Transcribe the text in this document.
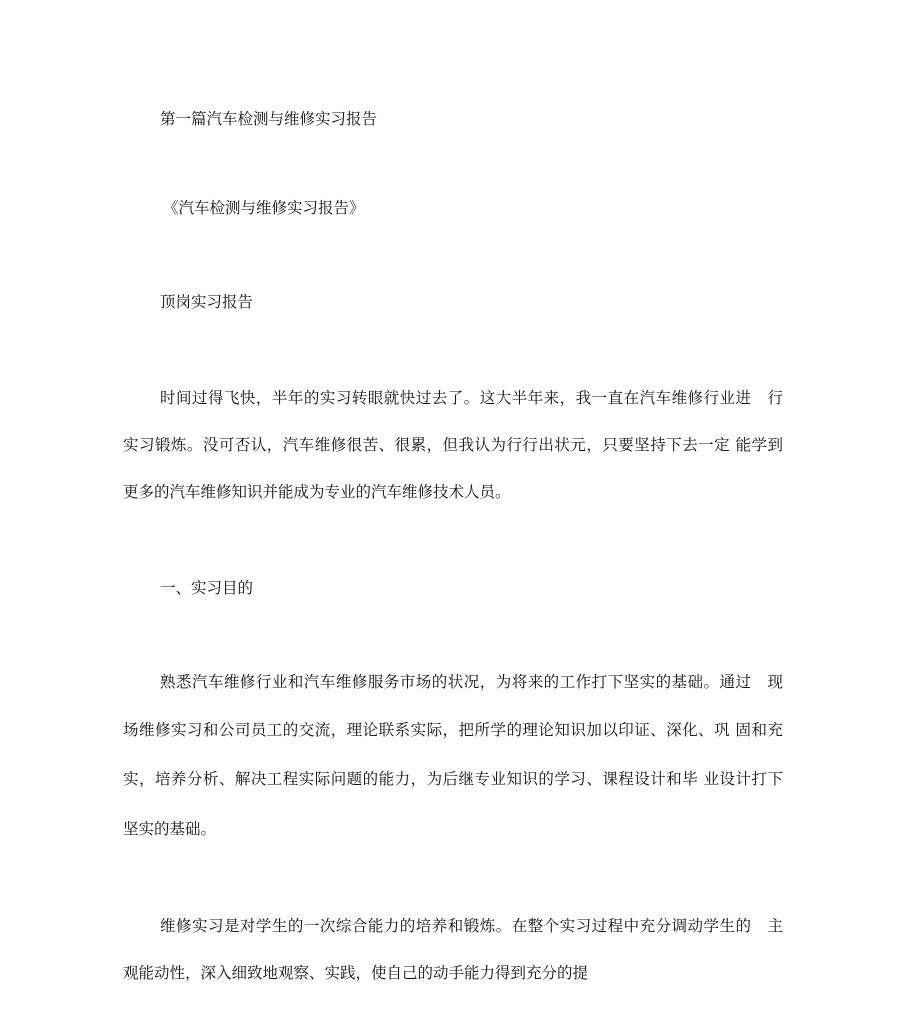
第一篇汽车检测与维修实习报告
《汽车检测与维修实习报告》
顶岗实习报告
时间过得飞快，半年的实习转眼就快过去了。这大半年来，我一直在汽车维修行业进　行
实习锻炼。没可否认，汽车维修很苦、很累，但我认为行行出状元，只要坚持下去一定 能学到
更多的汽车维修知识并能成为专业的汽车维修技术人员。
一、实习目的
熟悉汽车维修行业和汽车维修服务市场的状况，为将来的工作打下坚实的基础。通过　现
场维修实习和公司员工的交流，理论联系实际，把所学的理论知识加以印证、深化、巩 固和充
实，培养分析、解决工程实际问题的能力，为后继专业知识的学习、课程设计和毕 业设计打下
坚实的基础。
维修实习是对学生的一次综合能力的培养和锻炼。在整个实习过程中充分调动学生的　主
观能动性，深入细致地观察、实践，使自己的动手能力得到充分的提
